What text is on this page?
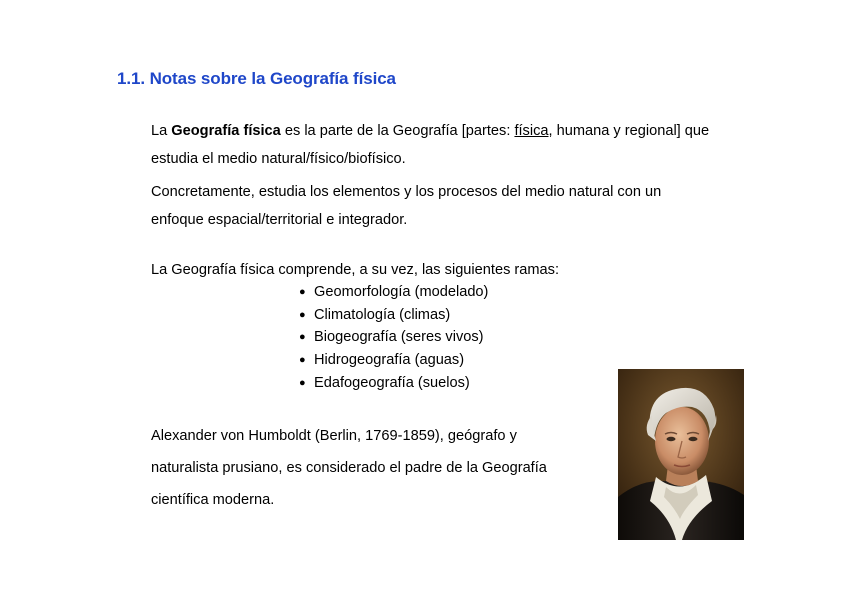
1.1. Notas sobre la Geografía física
La Geografía física es la parte de la Geografía [partes: física, humana y regional] que
estudia el medio natural/físico/biofísico.
Concretamente, estudia los elementos y los procesos del medio natural con un
enfoque espacial/territorial e integrador.
La Geografía física comprende, a su vez, las siguientes ramas:
● Geomorfología (modelado)
● Climatología (climas)
● Biogeografía (seres vivos)
● Hidrogeografía (aguas)
● Edafogeografía (suelos)
Alexander von Humboldt (Berlin, 1769-1859), geógrafo y
naturalista prusiano, es considerado el padre de la Geografía
científica moderna.
